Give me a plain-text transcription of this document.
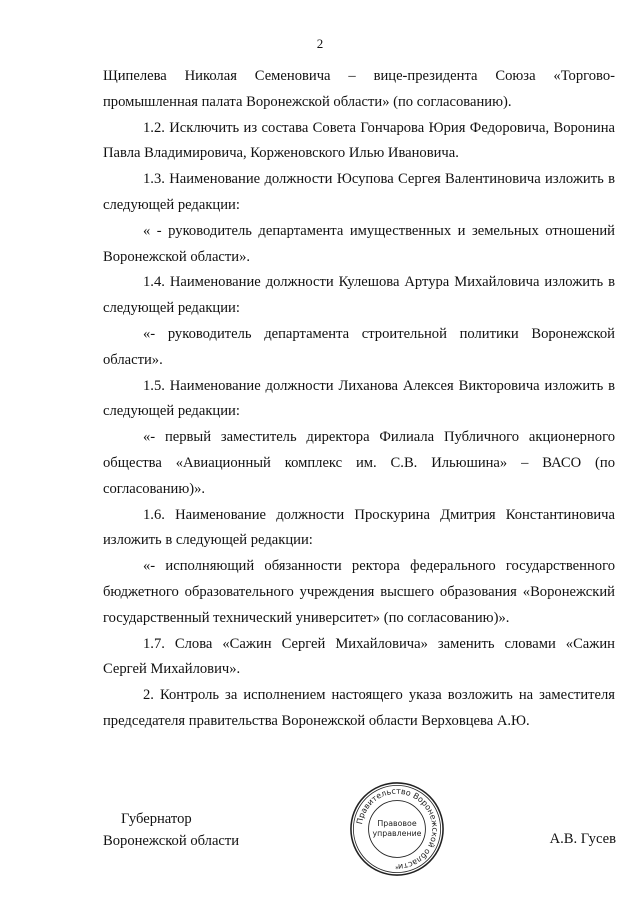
2

Щипелева Николая Семеновича – вице-президента Союза «Торгово-промышленная палата Воронежской области» (по согласованию).

1.2. Исключить из состава Совета Гончарова Юрия Федоровича, Воронина Павла Владимировича, Корженовского Илью Ивановича.

1.3. Наименование должности Юсупова Сергея Валентиновича изложить в следующей редакции:

« - руководитель департамента имущественных и земельных отношений Воронежской области».

1.4. Наименование должности Кулешова Артура Михайловича изложить в следующей редакции:

«- руководитель департамента строительной политики Воронежской области».

1.5. Наименование должности Лиханова Алексея Викторовича изложить в следующей редакции:

«- первый заместитель директора Филиала Публичного акционерного общества «Авиационный комплекс им. С.В. Ильюшина» – ВАСО (по согласованию)».

1.6. Наименование должности Проскурина Дмитрия Константиновича изложить в следующей редакции:

«- исполняющий обязанности ректора федерального государственного бюджетного образовательного учреждения высшего образования «Воронежский государственный технический университет» (по согласованию)».

1.7. Слова «Сажин Сергей Михайловича» заменить словами «Сажин Сергей Михайлович».

2. Контроль за исполнением настоящего указа возложить на заместителя председателя правительства Воронежской области Верховцева А.Ю.

Губернатор
Воронежской области
Правительство Воронежской области
Правовое
управление
*
А.В. Гусев
